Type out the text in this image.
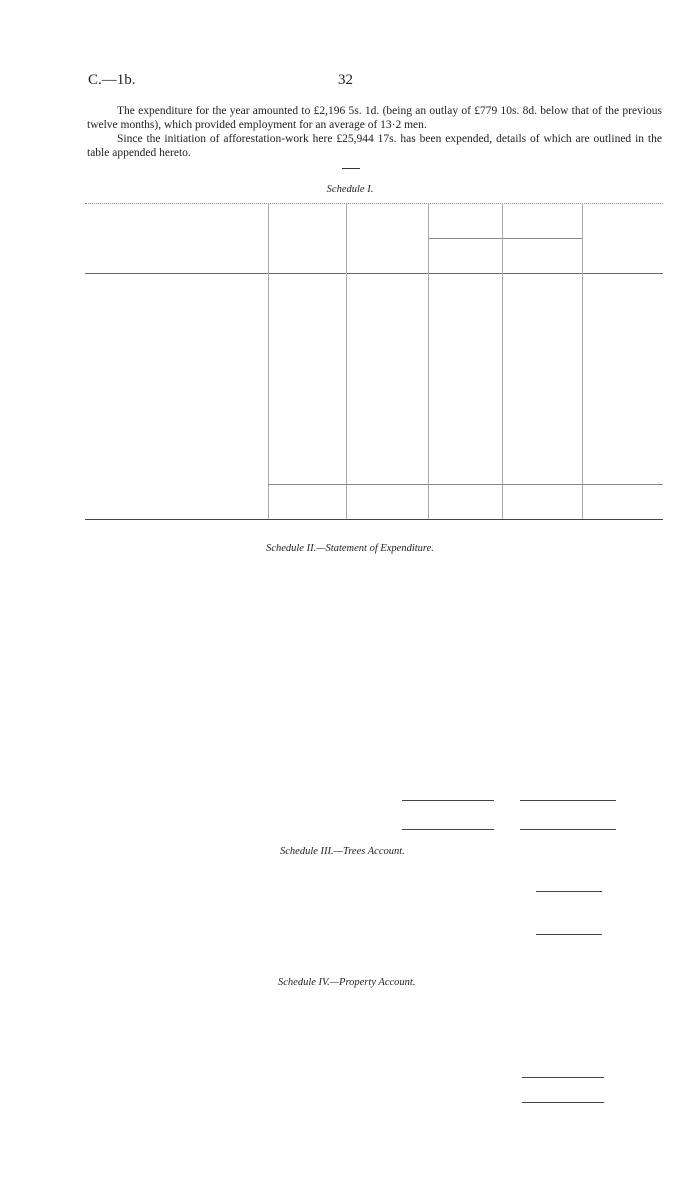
C.—1b.	32
The expenditure for the year amounted to £2,196 5s. 1d. (being an outlay of £779 10s. 8d. below that of the previous twelve months), which provided employment for an average of 13·2 men.
Since the initiation of afforestation-work here £25,944 17s. has been expended, details of which are outlined in the table appended hereto.
Schedule I.
Schedule II.—Statement of Expenditure.
Schedule III.—Trees Account.
Schedule IV.—Property Account.
